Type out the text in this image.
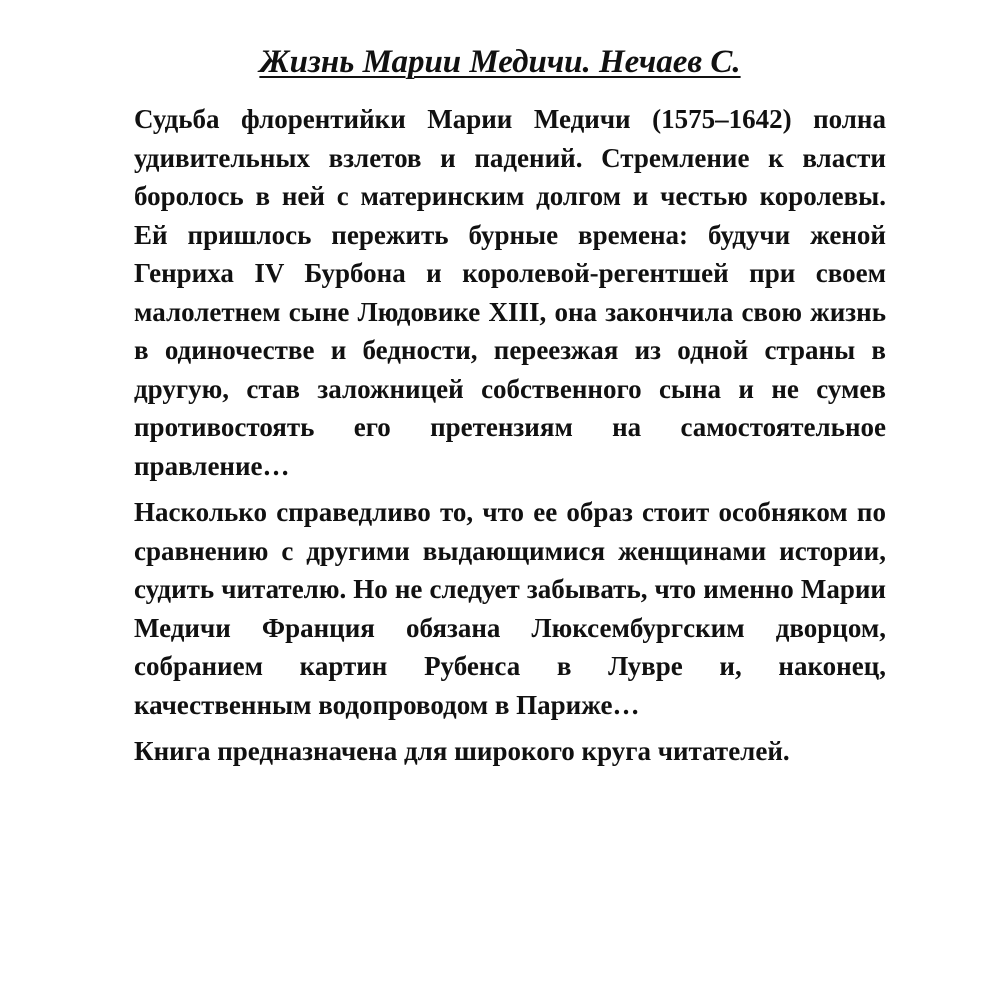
Жизнь Марии Медичи. Нечаев С.

Судьба флорентийки Марии Медичи (1575–1642) полна удивительных взлетов и падений. Стремление к власти боролось в ней с материнским долгом и честью королевы. Ей пришлось пережить бурные времена: будучи женой Генриха IV Бурбона и королевой-регентшей при своем малолетнем сыне Людовике XIII, она закончила свою жизнь в одиночестве и бедности, переезжая из одной страны в другую, став заложницей собственного сына и не сумев противостоять его претензиям на самостоятельное правление…

Насколько справедливо то, что ее образ стоит особняком по сравнению с другими выдающимися женщинами истории, судить читателю. Но не следует забывать, что именно Марии Медичи Франция обязана Люксембургским дворцом, собранием картин Рубенса в Лувре и, наконец, качественным водопроводом в Париже…

Книга предназначена для широкого круга читателей.
